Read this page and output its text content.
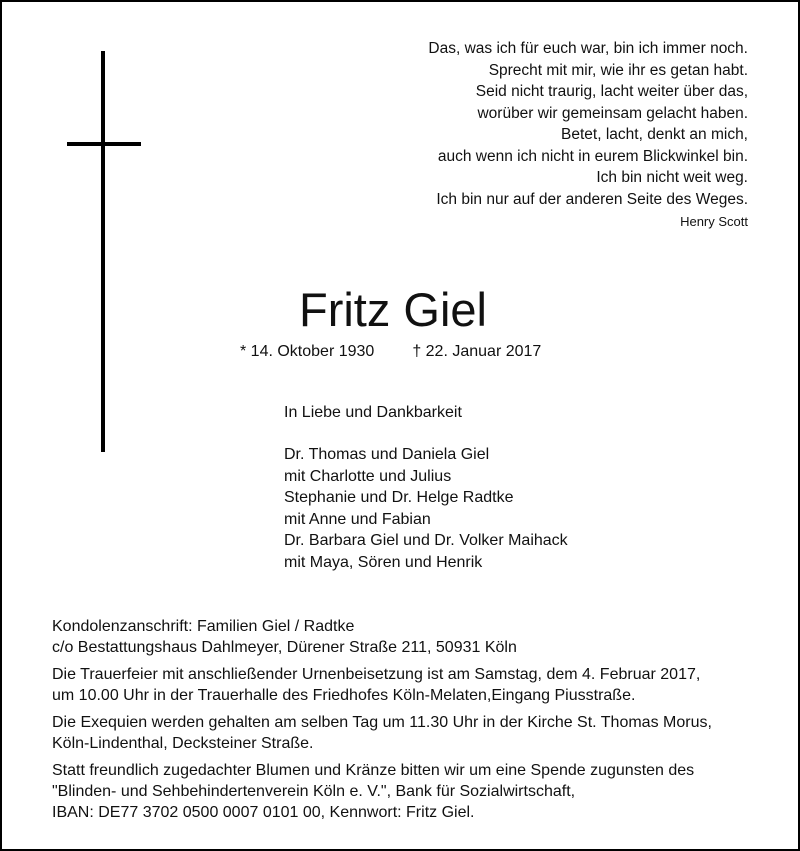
Das, was ich für euch war, bin ich immer noch.
Sprecht mit mir, wie ihr es getan habt.
Seid nicht traurig, lacht weiter über das,
worüber wir gemeinsam gelacht haben.
Betet, lacht, denkt an mich,
auch wenn ich nicht in eurem Blickwinkel bin.
Ich bin nicht weit weg.
Ich bin nur auf der anderen Seite des Weges.
Henry Scott
Fritz Giel
* 14. Oktober 1930 † 22. Januar 2017
In Liebe und Dankbarkeit
Dr. Thomas und Daniela Giel
mit Charlotte und Julius
Stephanie und Dr. Helge Radtke
mit Anne und Fabian
Dr. Barbara Giel und Dr. Volker Maihack
mit Maya, Sören und Henrik
Kondolenzanschrift: Familien Giel / Radtke
c/o Bestattungshaus Dahlmeyer, Dürener Straße 211, 50931 Köln
Die Trauerfeier mit anschließender Urnenbeisetzung ist am Samstag, dem 4. Februar 2017,
um 10.00 Uhr in der Trauerhalle des Friedhofes Köln-Melaten,Eingang Piusstraße.
Die Exequien werden gehalten am selben Tag um 11.30 Uhr in der Kirche St. Thomas Morus,
Köln-Lindenthal, Decksteiner Straße.
Statt freundlich zugedachter Blumen und Kränze bitten wir um eine Spende zugunsten des
"Blinden- und Sehbehindertenverein Köln e. V.", Bank für Sozialwirtschaft,
IBAN: DE77 3702 0500 0007 0101 00, Kennwort: Fritz Giel.
